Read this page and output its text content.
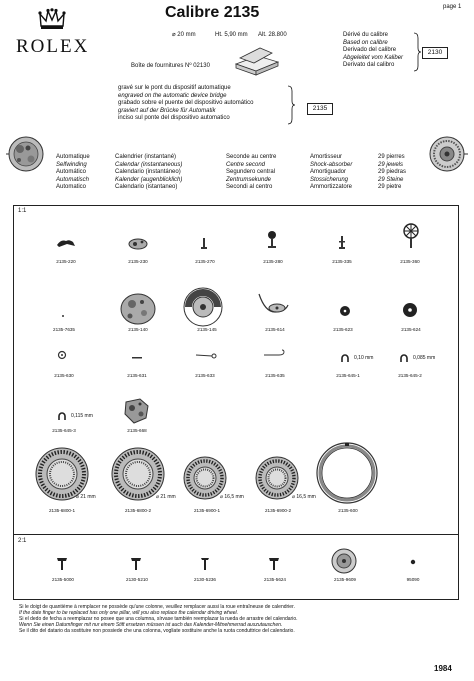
page 1
ROLEX
Calibre 2135
⌀ 20 mm	Ht. 5,90 mm Alt. 28.800
Boîte de fournitures Nº 02130
Dérivé du calibre
Based on calibre
Derivado del calibre
Abgeleitet vom Kaliber
Derivato dal calibro
2130
gravé sur le pont du dispositif automatique
engraved on the automatic device bridge
grabado sobre el puente del dispositivo automático
graviert auf der Brücke für Automatik
inciso sul ponte del dispositivo automatico
2135
Automatique
Selfwinding
Automático
Automatisch
Automatico
Calendrier (instantané)
Calendar (instantaneous)
Calendario (instantáneo)
Kalender (augenblicklich)
Calendario (istantaneo)
Seconde au centre
Centre second
Segundero central
Zentrumsekunde
Secondi al centro
Amortisseur
Shock-absorber
Amortiguador
Stossicherung
Ammortizzatore
29 pierres
29 jewels
29 piedras
29 Steine
29 pietre
1:1
2135-220	2135-230	2135-270	2135-280	2135-335	2135-360
2135-7635	2135-140	2135-145	2135-614	2135-623	2135-624
2135-630	2135-631	2135-633	2135-635
0,10 mm
2135-645-1
0,085 mm
2135-645-2
0,115 mm
2135-645-3	2135-668
⌀ 21 mm
2135-6800-1
⌀ 21 mm
2135-6800-2
⌀ 16,5 mm
2135-6900-1
⌀ 16,5 mm
2135-6900-2	2135-600
2:1
2135-5000	2130-5210	2130-5236	2135-5624	2135-9609	95090
Si le doigt de quantième à remplacer ne possède qu'une colonne, veuillez remplacer aussi la roue entraîneuse de calendrier.
If the date finger to be replaced has only one pillar, will you also replace the calendar driving wheel.
Si el dedo de fecha a reemplazar no posee que una columna, sírvase también reemplazar la rueda de arrastre del calendario.
Wenn Sie einen Datumfinger mit nur einem Stift ersetzen müssen ist auch das Kalender-Mitnehmerrad auszutauschen.
Se il dito del datario da sostituire non possiede che una colonna, vogliate sostituire anche la ruota conduttrice del calendario.
1984
